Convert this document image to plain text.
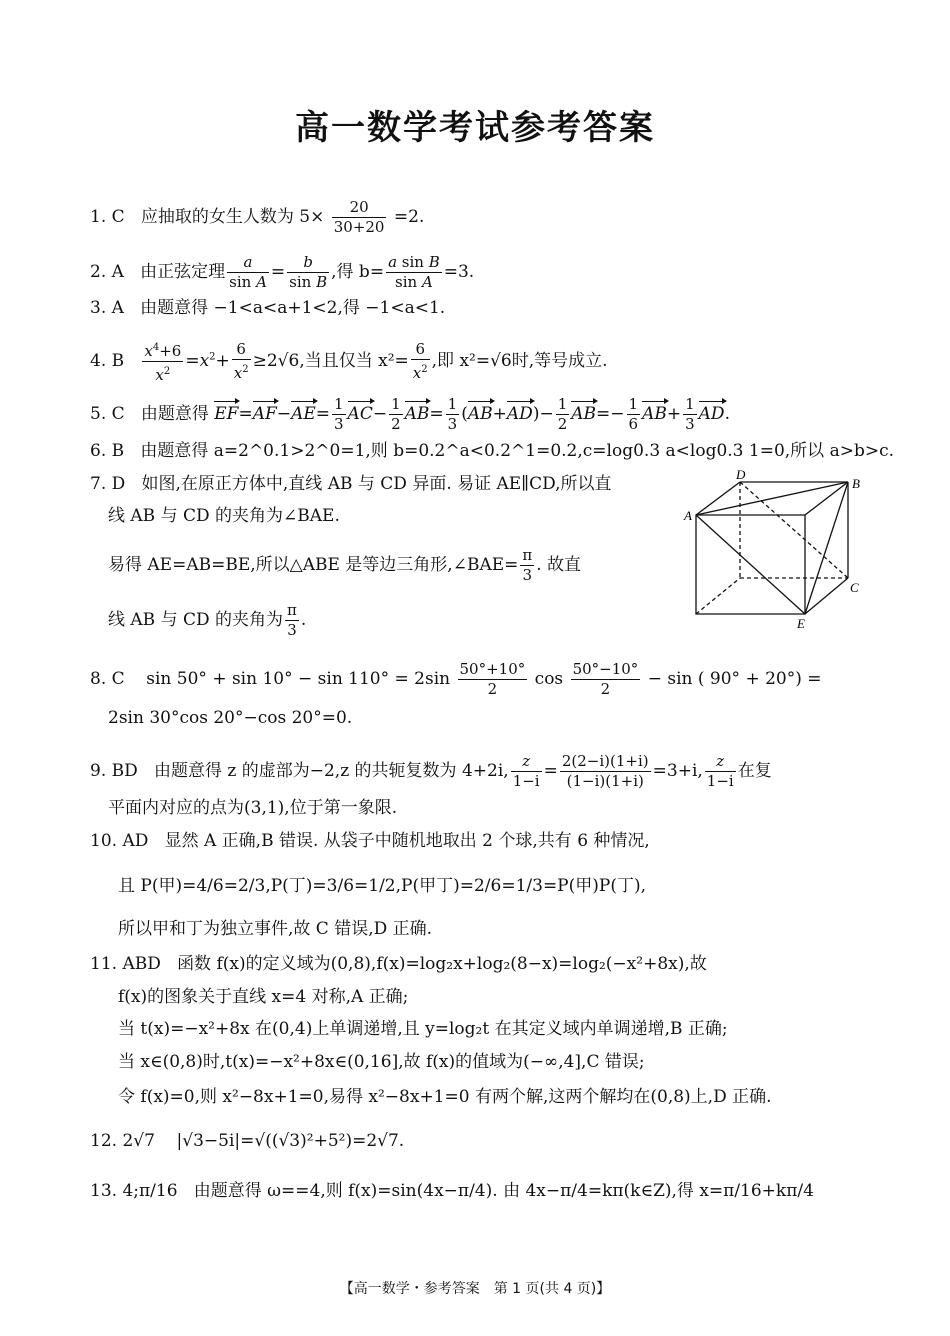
高一数学考试参考答案
1. C 应抽取的女生人数为 $5\times \frac{20}{30+20} =2$.
2. A 由正弦定理 $\frac{a}{\text{sin A}} = \frac{b}{\text{sin B}}$ ,得 $b= \frac{\text{a sin B}}{\text{sin A}} =3$.
3. A 由题意得 −1<a<a+1<2,得 −1<a<1.
4. B $\frac{x^4+6}{x^2} =x^2+ \frac{6}{x^2} \ge 2√6$,当且仅当 $x^2= \frac{6}{x^2}$ ,即 x²=√6时,等号成立.
5. C 由题意得 $EF=AF-AE= \frac{1}{3} AC- \frac{1}{2} AB= \frac{1}{3} (AB+AD)- \frac{1}{2} AB=- \frac{1}{6} AB+ \frac{1}{3}$ AD.
6. B 由题意得 a=2^0.1>2^0=1,则 b=0.2^a<0.2^1=0.2,c=log0.3 a<log0.3 1=0,所以 a>b>c.
7. D 如图,在原正方体中,直线 AB 与 CD 异面. 易证 AE∥CD,所以直
线 AB 与 CD 的夹角为∠BAE.
易得 AE=AB=BE,所以△ABE 是等边三角形,∠BAE= $\frac{\pi}{3}$ . 故直
线 AB 与 CD 的夹角为 $\frac{\pi}{3}$ .
A
D
B
C
E
8. C $\sin 50^\circ + \sin 10^\circ - \sin 110^\circ = 2\sin \frac{50^\circ+10^\circ}{2}$ $\cos \frac{50^\circ-10^\circ}{2} - \sin$ ( 90° + 20°) =
2sin 30°cos 20°−cos 20°=0.
9. BD 由题意得 z 的虚部为−2,z 的共轭复数为 4+2i, $\frac{z}{1-i} = \frac{2(2-i)(1+i)}{(1-i)(1+i)} =3+i$, $\frac{z}{1-i}$ 在复
平面内对应的点为(3,1),位于第一象限.
10. AD 显然 A 正确,B 错误. 从袋子中随机地取出 2 个球,共有 6 种情况,
且 P(甲)=4/6=2/3,P(丁)=3/6=1/2,P(甲丁)=2/6=1/3=P(甲)P(丁),
所以甲和丁为独立事件,故 C 错误,D 正确.
11. ABD 函数 f(x)的定义域为(0,8),f(x)=log₂x+log₂(8−x)=log₂(−x²+8x),故
f(x)的图象关于直线 x=4 对称,A 正确;
当 t(x)=−x²+8x 在(0,4)上单调递增,且 y=log₂t 在其定义域内单调递增,B 正确;
当 x∈(0,8)时,t(x)=−x²+8x∈(0,16],故 f(x)的值域为(−∞,4],C 错误;
令 f(x)=0,则 x²−8x+1=0,易得 x²−8x+1=0 有两个解,这两个解均在(0,8)上,D 正确.
12. 2√7 |√3−5i|=√((√3)²+5²)=2√7.
13. 4;π/16 由题意得 ω==4,则 f(x)=sin(4x−π/4). 由 4x−π/4=kπ(k∈Z),得 x=π/16+kπ/4
【高一数学・参考答案　第 1 页(共 4 页)】
